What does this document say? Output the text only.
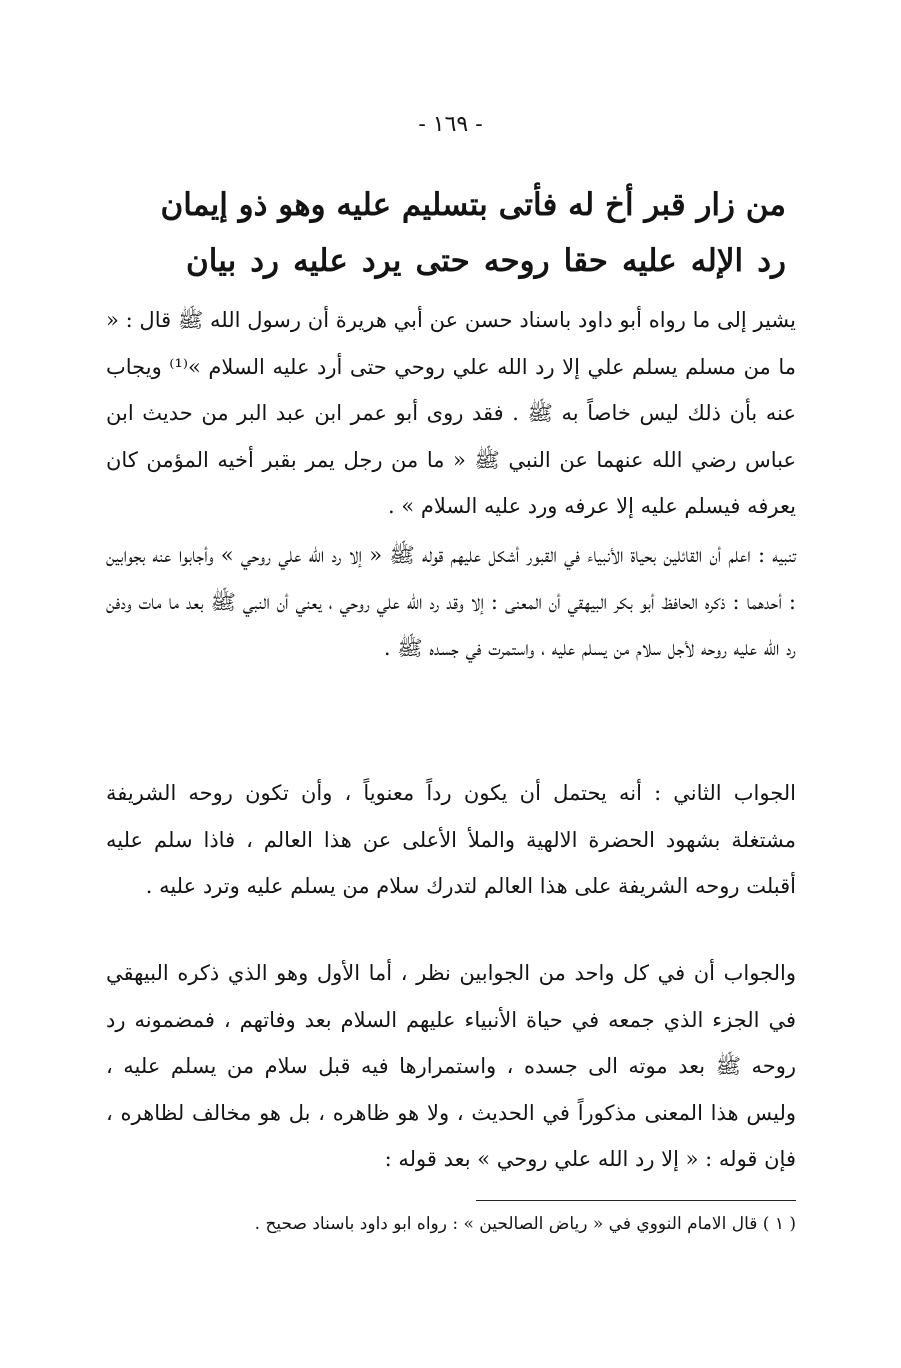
- ١٦٩ -
من زار قبر أخ له فأتى بتسليم عليه وهو ذو إيمان
رد الإله عليه حقا روحه حتى يرد عليه رد بيان

يشير إلى ما رواه أبو داود باسناد حسن عن أبي هريرة أن رسول الله ﷺ قال : « ما من مسلم يسلم علي إلا رد الله علي روحي حتى أرد عليه السلام »⁽¹⁾ ويجاب عنه بأن ذلك ليس خاصاً به ﷺ . فقد روى أبو عمر ابن عبد البر من حديث ابن عباس رضي الله عنهما عن النبي ﷺ « ما من رجل يمر بقبر أخيه المؤمن كان يعرفه فيسلم عليه إلا عرفه ورد عليه السلام » .

تنبيه : اعلم أن القائلين بحياة الأنبياء في القبور أشكل عليهم قوله ﷺ « إلا رد الله علي روحي » وأجابوا عنه بجوابين : أحدهما : ذكره الحافظ أبو بكر البيهقي أن المعنى : إلا وقد رد الله علي روحي ، يعني أن النبي ﷺ بعد ما مات ودفن رد الله عليه روحه لأجل سلام من يسلم عليه ، واستمرت في جسده ﷺ .

الجواب الثاني : أنه يحتمل أن يكون رداً معنوياً ، وأن تكون روحه الشريفة مشتغلة بشهود الحضرة الالهية والملأ الأعلى عن هذا العالم ، فاذا سلم عليه أقبلت روحه الشريفة على هذا العالم لتدرك سلام من يسلم عليه وترد عليه .

والجواب أن في كل واحد من الجوابين نظر ، أما الأول وهو الذي ذكره البيهقي في الجزء الذي جمعه في حياة الأنبياء عليهم السلام بعد وفاتهم ، فمضمونه رد روحه ﷺ بعد موته الى جسده ، واستمرارها فيه قبل سلام من يسلم عليه ، وليس هذا المعنى مذكوراً في الحديث ، ولا هو ظاهره ، بل هو مخالف لظاهره ، فإن قوله : « إلا رد الله علي روحي » بعد قوله :

( ١ ) قال الامام النووي في « رياض الصالحين » : رواه ابو داود باسناد صحيح .
